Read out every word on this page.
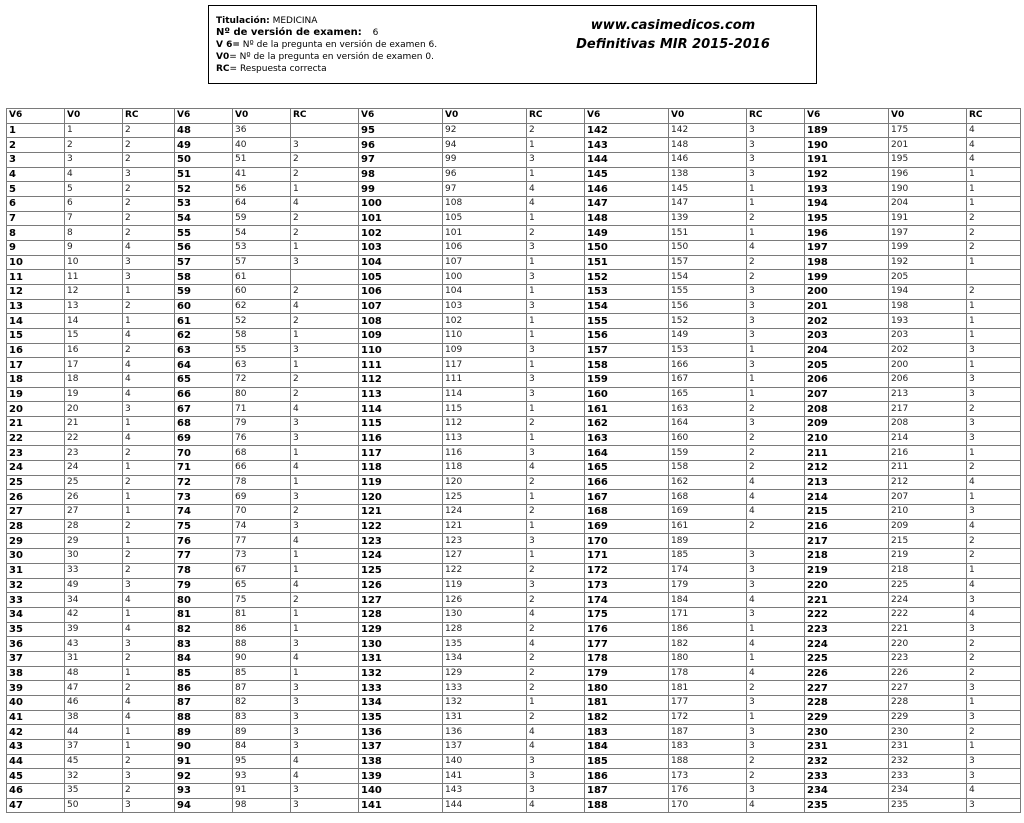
Titulación: MEDICINA
Nº de versión de examen: 6
V 6= Nº de la pregunta en versión de examen 6.
V0= Nº de la pregunta en versión de examen 0.
RC= Respuesta correcta
www.casimedicos.com
Definitivas MIR 2015-2016
V6	V0	RC	V6	V0	RC	V6	V0	RC	V6	V0	RC	V6	V0	RC
1	1	2	48	36		95	92	2	142	142	3	189	175	4
2	2	2	49	40	3	96	94	1	143	148	3	190	201	4
3	3	2	50	51	2	97	99	3	144	146	3	191	195	4
4	4	3	51	41	2	98	96	1	145	138	3	192	196	1
5	5	2	52	56	1	99	97	4	146	145	1	193	190	1
6	6	2	53	64	4	100	108	4	147	147	1	194	204	1
7	7	2	54	59	2	101	105	1	148	139	2	195	191	2
8	8	2	55	54	2	102	101	2	149	151	1	196	197	2
9	9	4	56	53	1	103	106	3	150	150	4	197	199	2
10	10	3	57	57	3	104	107	1	151	157	2	198	192	1
11	11	3	58	61		105	100	3	152	154	2	199	205	
12	12	1	59	60	2	106	104	1	153	155	3	200	194	2
13	13	2	60	62	4	107	103	3	154	156	3	201	198	1
14	14	1	61	52	2	108	102	1	155	152	3	202	193	1
15	15	4	62	58	1	109	110	1	156	149	3	203	203	1
16	16	2	63	55	3	110	109	3	157	153	1	204	202	3
17	17	4	64	63	1	111	117	1	158	166	3	205	200	1
18	18	4	65	72	2	112	111	3	159	167	1	206	206	3
19	19	4	66	80	2	113	114	3	160	165	1	207	213	3
20	20	3	67	71	4	114	115	1	161	163	2	208	217	2
21	21	1	68	79	3	115	112	2	162	164	3	209	208	3
22	22	4	69	76	3	116	113	1	163	160	2	210	214	3
23	23	2	70	68	1	117	116	3	164	159	2	211	216	1
24	24	1	71	66	4	118	118	4	165	158	2	212	211	2
25	25	2	72	78	1	119	120	2	166	162	4	213	212	4
26	26	1	73	69	3	120	125	1	167	168	4	214	207	1
27	27	1	74	70	2	121	124	2	168	169	4	215	210	3
28	28	2	75	74	3	122	121	1	169	161	2	216	209	4
29	29	1	76	77	4	123	123	3	170	189		217	215	2
30	30	2	77	73	1	124	127	1	171	185	3	218	219	2
31	33	2	78	67	1	125	122	2	172	174	3	219	218	1
32	49	3	79	65	4	126	119	3	173	179	3	220	225	4
33	34	4	80	75	2	127	126	2	174	184	4	221	224	3
34	42	1	81	81	1	128	130	4	175	171	3	222	222	4
35	39	4	82	86	1	129	128	2	176	186	1	223	221	3
36	43	3	83	88	3	130	135	4	177	182	4	224	220	2
37	31	2	84	90	4	131	134	2	178	180	1	225	223	2
38	48	1	85	85	1	132	129	2	179	178	4	226	226	2
39	47	2	86	87	3	133	133	2	180	181	2	227	227	3
40	46	4	87	82	3	134	132	1	181	177	3	228	228	1
41	38	4	88	83	3	135	131	2	182	172	1	229	229	3
42	44	1	89	89	3	136	136	4	183	187	3	230	230	2
43	37	1	90	84	3	137	137	4	184	183	3	231	231	1
44	45	2	91	95	4	138	140	3	185	188	2	232	232	3
45	32	3	92	93	4	139	141	3	186	173	2	233	233	3
46	35	2	93	91	3	140	143	3	187	176	3	234	234	4
47	50	3	94	98	3	141	144	4	188	170	4	235	235	3
